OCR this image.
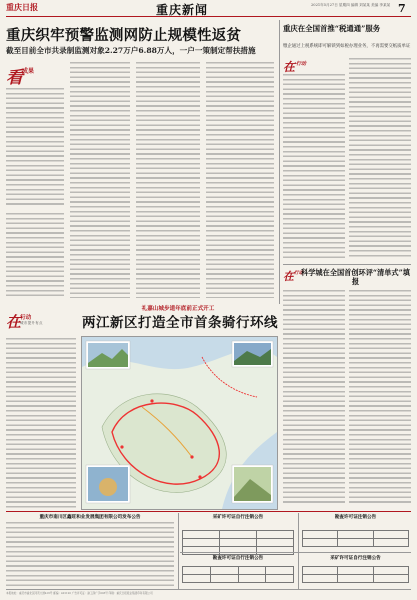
重庆日报	重庆新闻	2021年5月27日 星期四 编辑 刘某某 美编 李某某 7
重庆织牢预警监测网防止规模性返贫
截至目前全市共录制监测对象2.27万户6.88万人，一户一策制定帮扶措施
看 成果
重庆在全国首推“税通通”服务
缴企通过上税系统即可解锁到如税办理业务，不再需要交纸质单证
在$^{行动}$
在$^{行动}$
科学城在全国首创环评“清单式”填报
在
行动
城市提升有点
礼嘉山城步道年底前正式开工
两江新区打造全市首条骑行环线
重庆市南川区鑫旺和业发展集团有限公司发布公告	采矿许可证自行注销公告

			勘查许可证注销公告

勘查许可证自行注销公告

				采矿许可证自行注销公告

本报地址：重庆市渝北区同茂大道416号 邮编：401120 广告许可证：渝工商广字003号 印刷：重庆日报报业集团印务有限公司
